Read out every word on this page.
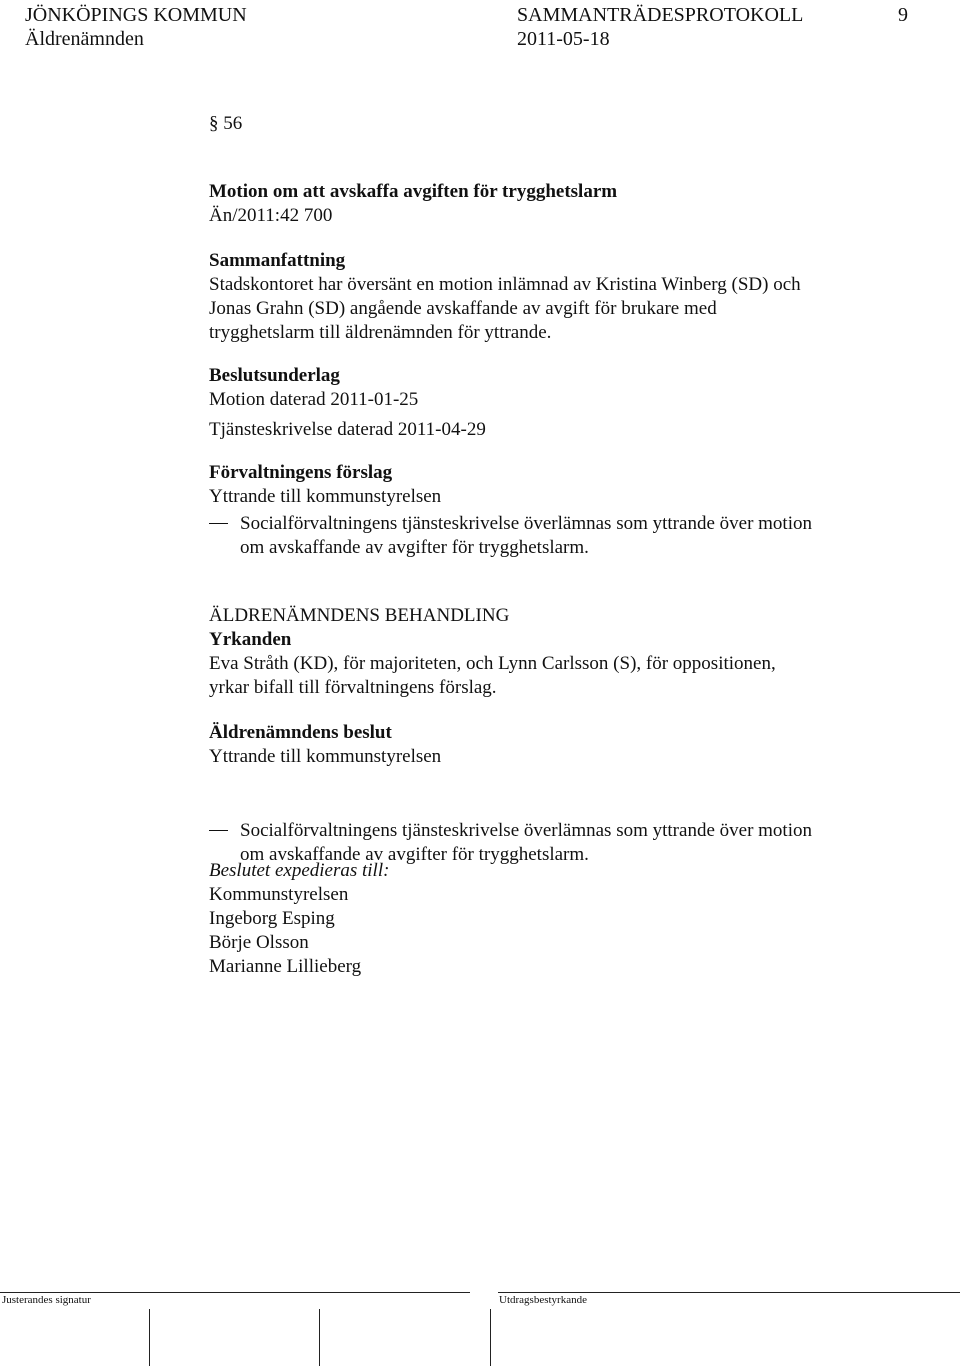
JÖNKÖPINGS KOMMUN
Äldrenämnden
SAMMANTRÄDESPROTOKOLL
2011-05-18
9
§ 56
Motion om att avskaffa avgiften för trygghetslarm
Än/2011:42 700
Sammanfattning
Stadskontoret har översänt en motion inlämnad av Kristina Winberg (SD) och
Jonas Grahn (SD) angående avskaffande av avgift för brukare med
trygghetslarm till äldrenämnden för yttrande.
Beslutsunderlag
Motion daterad 2011-01-25
Tjänsteskrivelse daterad 2011-04-29
Förvaltningens förslag
Yttrande till kommunstyrelsen
Socialförvaltningens tjänsteskrivelse överlämnas som yttrande över motion
om avskaffande av avgifter för trygghetslarm.
ÄLDRENÄMNDENS BEHANDLING
Yrkanden
Eva Stråth (KD), för majoriteten, och Lynn Carlsson (S), för oppositionen,
yrkar bifall till förvaltningens förslag.
Äldrenämndens beslut
Yttrande till kommunstyrelsen
Socialförvaltningens tjänsteskrivelse överlämnas som yttrande över motion
om avskaffande av avgifter för trygghetslarm.
Beslutet expedieras till:
Kommunstyrelsen
Ingeborg Esping
Börje Olsson
Marianne Lillieberg
Justerandes signatur	Utdragsbestyrkande
